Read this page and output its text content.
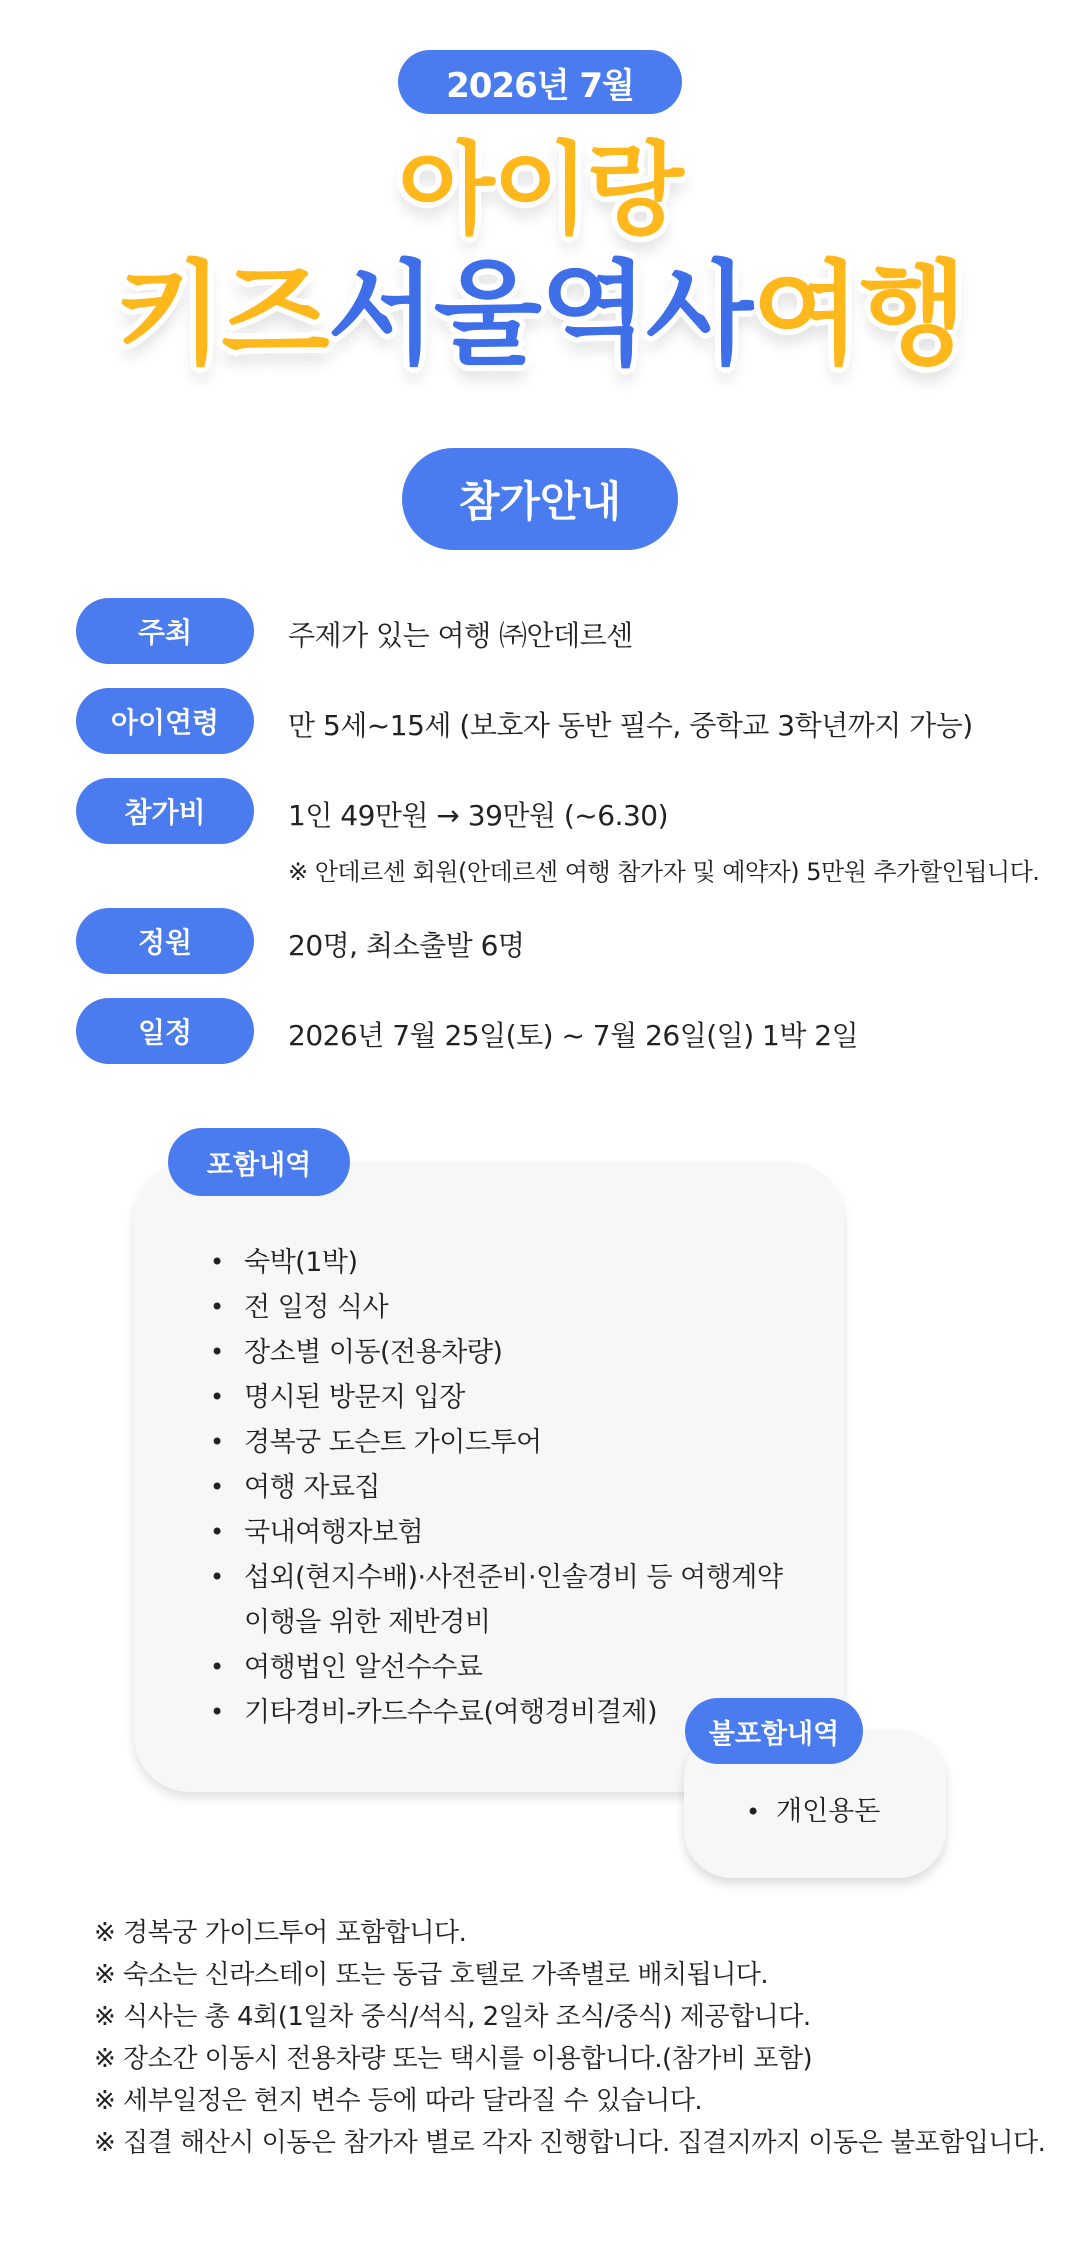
2026년 7월
아이랑
키즈서울역사여행
참가안내
주최	주제가 있는 여행 ㈜안데르센
아이연령	만 5세~15세 (보호자 동반 필수, 중학교 3학년까지 가능)
참가비	1인 49만원 → 39만원 (~6.30)
※ 안데르센 회원(안데르센 여행 참가자 및 예약자) 5만원 추가할인됩니다.
정원	20명, 최소출발 6명
일정	2026년 7월 25일(토) ~ 7월 26일(일) 1박 2일
포함내역
• 숙박(1박)
• 전 일정 식사
• 장소별 이동(전용차량)
• 명시된 방문지 입장
• 경복궁 도슨트 가이드투어
• 여행 자료집
• 국내여행자보험
• 섭외(현지수배)·사전준비·인솔경비 등 여행계약
이행을 위한 제반경비
• 여행법인 알선수수료
• 기타경비-카드수수료(여행경비결제)
불포함내역
• 개인용돈
※ 경복궁 가이드투어 포함합니다.
※ 숙소는 신라스테이 또는 동급 호텔로 가족별로 배치됩니다.
※ 식사는 총 4회(1일차 중식/석식, 2일차 조식/중식) 제공합니다.
※ 장소간 이동시 전용차량 또는 택시를 이용합니다.(참가비 포함)
※ 세부일정은 현지 변수 등에 따라 달라질 수 있습니다.
※ 집결 해산시 이동은 참가자 별로 각자 진행합니다. 집결지까지 이동은 불포함입니다.
